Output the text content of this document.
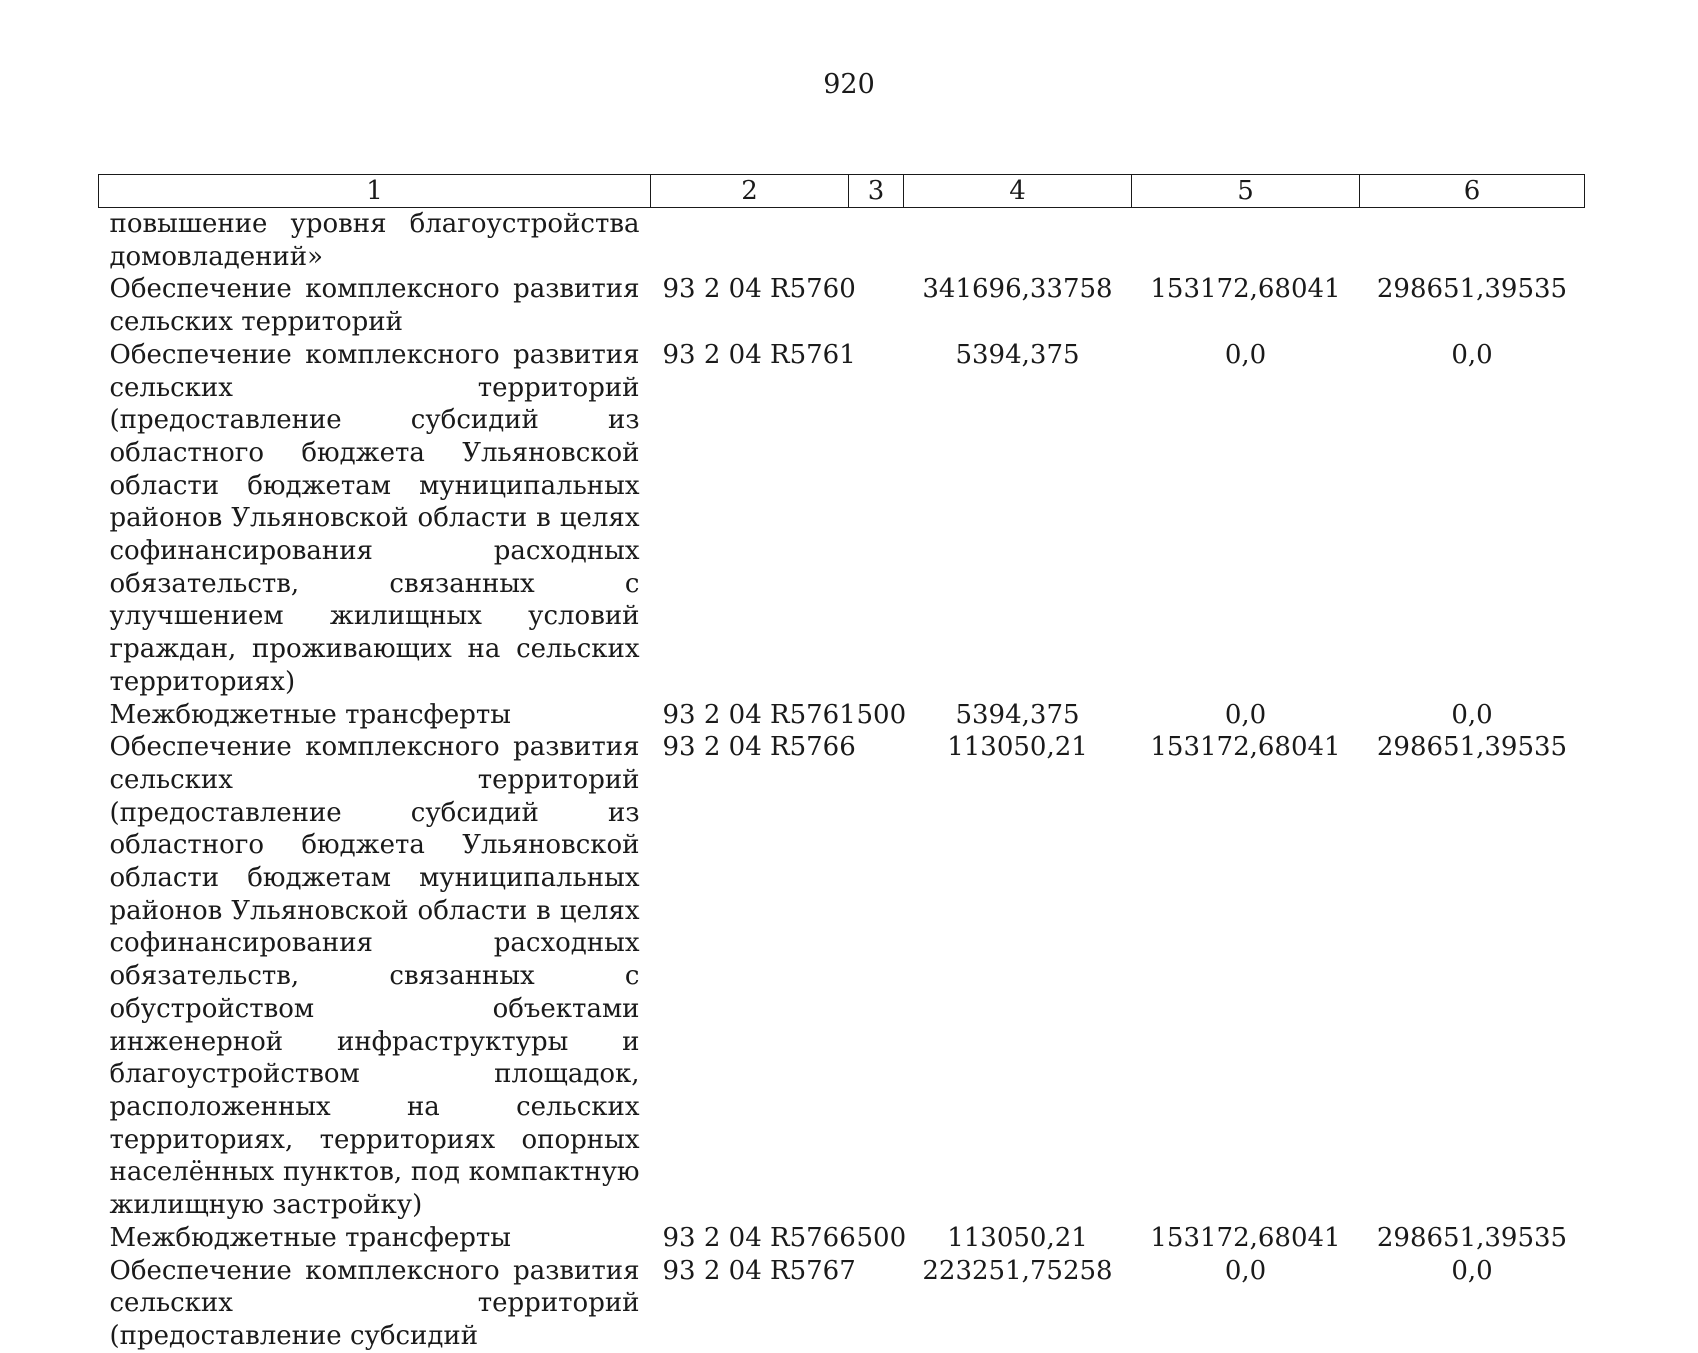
920
1	2	3	4	5	6
повышение уровня благоустройства домовладений»					
Обеспечение комплексного развития сельских территорий	93 2 04 R5760		341696,33758	153172,68041	298651,39535
Обеспечение комплексного развития сельских территорий (предоставление субсидий из областного бюджета Ульяновской области бюджетам муниципальных районов Ульяновской области в целях софинансирования расходных обязательств, связанных с улучшением жилищных условий граждан, проживающих на сельских территориях)	93 2 04 R5761		5394,375	0,0	0,0
Межбюджетные трансферты	93 2 04 R5761	500	5394,375	0,0	0,0
Обеспечение комплексного развития сельских территорий (предоставление субсидий из областного бюджета Ульяновской области бюджетам муниципальных районов Ульяновской области в целях софинансирования расходных обязательств, связанных с обустройством объектами инженерной инфраструктуры и благоустройством площадок, расположенных на сельских территориях, территориях опорных населённых пунктов, под компактную жилищную застройку)	93 2 04 R5766		113050,21	153172,68041	298651,39535
Межбюджетные трансферты	93 2 04 R5766	500	113050,21	153172,68041	298651,39535
Обеспечение комплексного развития сельских территорий (предоставление субсидий	93 2 04 R5767		223251,75258	0,0	0,0
